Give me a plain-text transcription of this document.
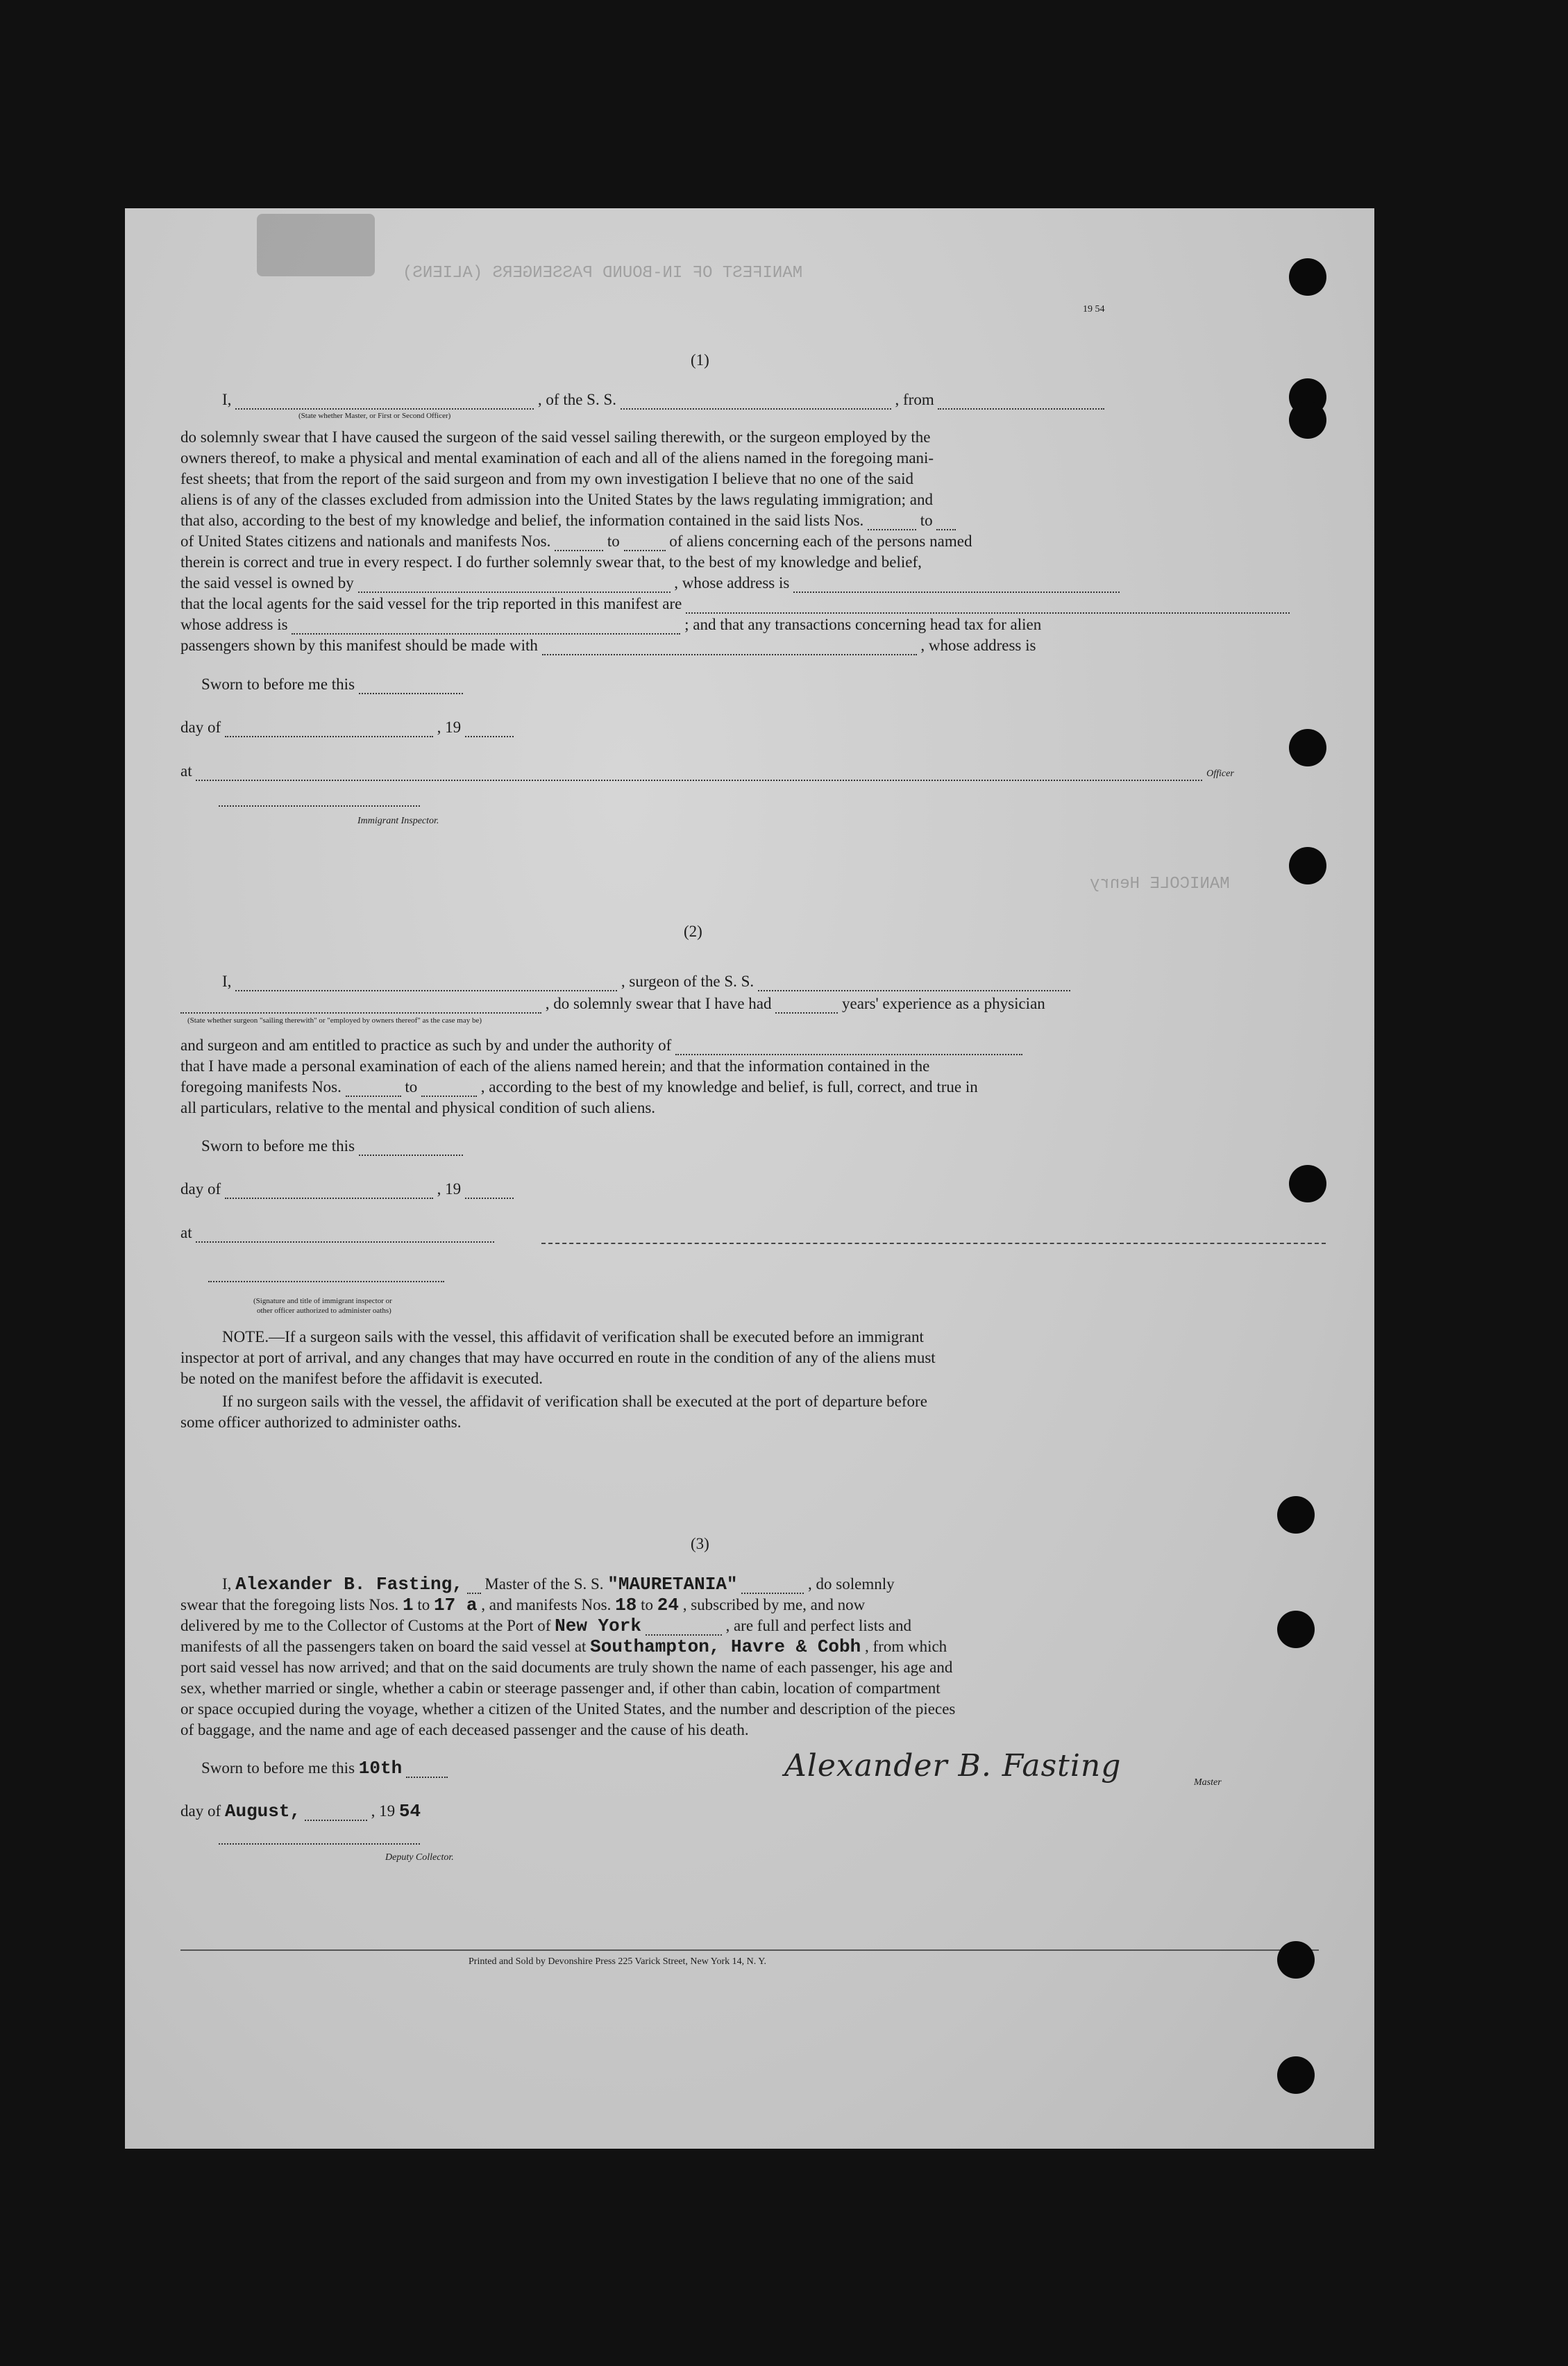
MANIFEST OF IN-BOUND PASSENGERS (ALIENS)
MANICOLE Henry
19 54
(1)
I,	, of the S. S.	, from
(State whether Master, or First or Second Officer)
do solemnly swear that I have caused the surgeon of the said vessel sailing therewith, or the surgeon employed by the
owners thereof, to make a physical and mental examination of each and all of the aliens named in the foregoing mani-
fest sheets; that from the report of the said surgeon and from my own investigation I believe that no one of the said
aliens is of any of the classes excluded from admission into the United States by the laws regulating immigration; and
that also, according to the best of my knowledge and belief, the information contained in the said lists Nos.	to
of United States citizens and nationals and manifests Nos.	to	of aliens concerning each of the persons named
therein is correct and true in every respect. I do further solemnly swear that, to the best of my knowledge and belief,
the said vessel is owned by	, whose address is
that the local agents for the said vessel for the trip reported in this manifest are
whose address is	; and that any transactions concerning head tax for alien
passengers shown by this manifest should be made with	, whose address is
Sworn to before me this
day of	, 19
at	Officer
Immigrant Inspector.
(2)
I,	, surgeon of the S. S.
, do solemnly swear that I have had	years' experience as a physician
(State whether surgeon "sailing therewith" or "employed by owners thereof" as the case may be)
and surgeon and am entitled to practice as such by and under the authority of
that I have made a personal examination of each of the aliens named herein; and that the information contained in the
foregoing manifests Nos.	to	, according to the best of my knowledge and belief, is full, correct, and true in
all particulars, relative to the mental and physical condition of such aliens.
Sworn to before me this
day of	, 19
at
(Signature and title of immigrant inspector or
other officer authorized to administer oaths)
NOTE.—If a surgeon sails with the vessel, this affidavit of verification shall be executed before an immigrant
inspector at port of arrival, and any changes that may have occurred en route in the condition of any of the aliens must
be noted on the manifest before the affidavit is executed.
If no surgeon sails with the vessel, the affidavit of verification shall be executed at the port of departure before
some officer authorized to administer oaths.
(3)
I, Alexander B. Fasting, Master of the S. S. "MAURETANIA"	, do solemnly
swear that the foregoing lists Nos. 1 to 17 a , and manifests Nos. 18 to 24 , subscribed by me, and now
delivered by me to the Collector of Customs at the Port of New York	, are full and perfect lists and
manifests of all the passengers taken on board the said vessel at Southampton, Havre & Cobh , from which
port said vessel has now arrived; and that on the said documents are truly shown the name of each passenger, his age and
sex, whether married or single, whether a cabin or steerage passenger and, if other than cabin, location of compartment
or space occupied during the voyage, whether a citizen of the United States, and the number and description of the pieces
of baggage, and the name and age of each deceased passenger and the cause of his death.
Sworn to before me this 10th	Alexander B. Fasting	Master
day of August,	, 19 54
Deputy Collector.
Printed and Sold by Devonshire Press 225 Varick Street, New York 14, N. Y.
